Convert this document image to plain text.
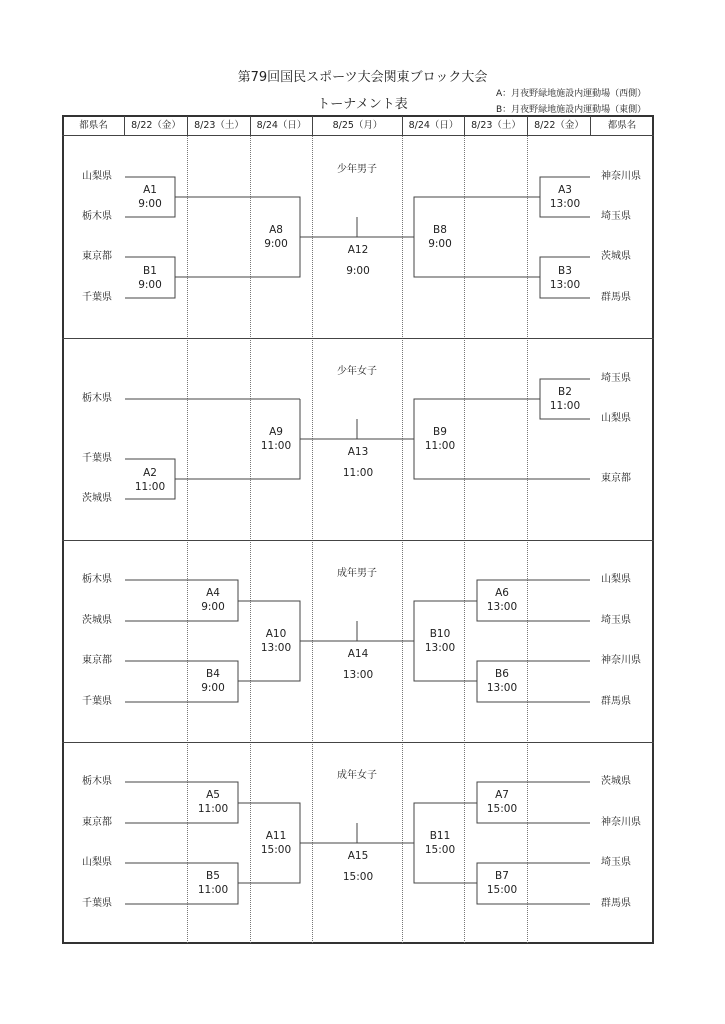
第79回国民スポーツ大会関東ブロック大会
トーナメント表
A：月夜野緑地施設内運動場（西側）
B：月夜野緑地施設内運動場（東側）
都県名	8/22（金）	8/23（土）	8/24（日）	8/25（月）	8/24（日）	8/23（土）	8/22（金）	都県名
少年男子
山梨県
栃木県
東京都
千葉県
神奈川県
埼玉県
茨城県
群馬県
A1
9:00
B1
9:00
A8
9:00	A12
9:00
B8
9:00
A3
13:00
B3
13:00
少年女子
栃木県
千葉県
茨城県
埼玉県
山梨県
東京都
A2
11:00
A9
11:00	A13
11:00
B9
11:00
B2
11:00
成年男子
栃木県
茨城県
東京都
千葉県
山梨県
埼玉県
神奈川県
群馬県
A4
9:00
B4
9:00
A10
13:00	A14
13:00
B10
13:00
A6
13:00
B6
13:00
成年女子
栃木県
東京都
山梨県
千葉県
茨城県
神奈川県
埼玉県
群馬県
A5
11:00
B5
11:00
A11
15:00	A15
15:00
B11
15:00
A7
15:00
B7
15:00
